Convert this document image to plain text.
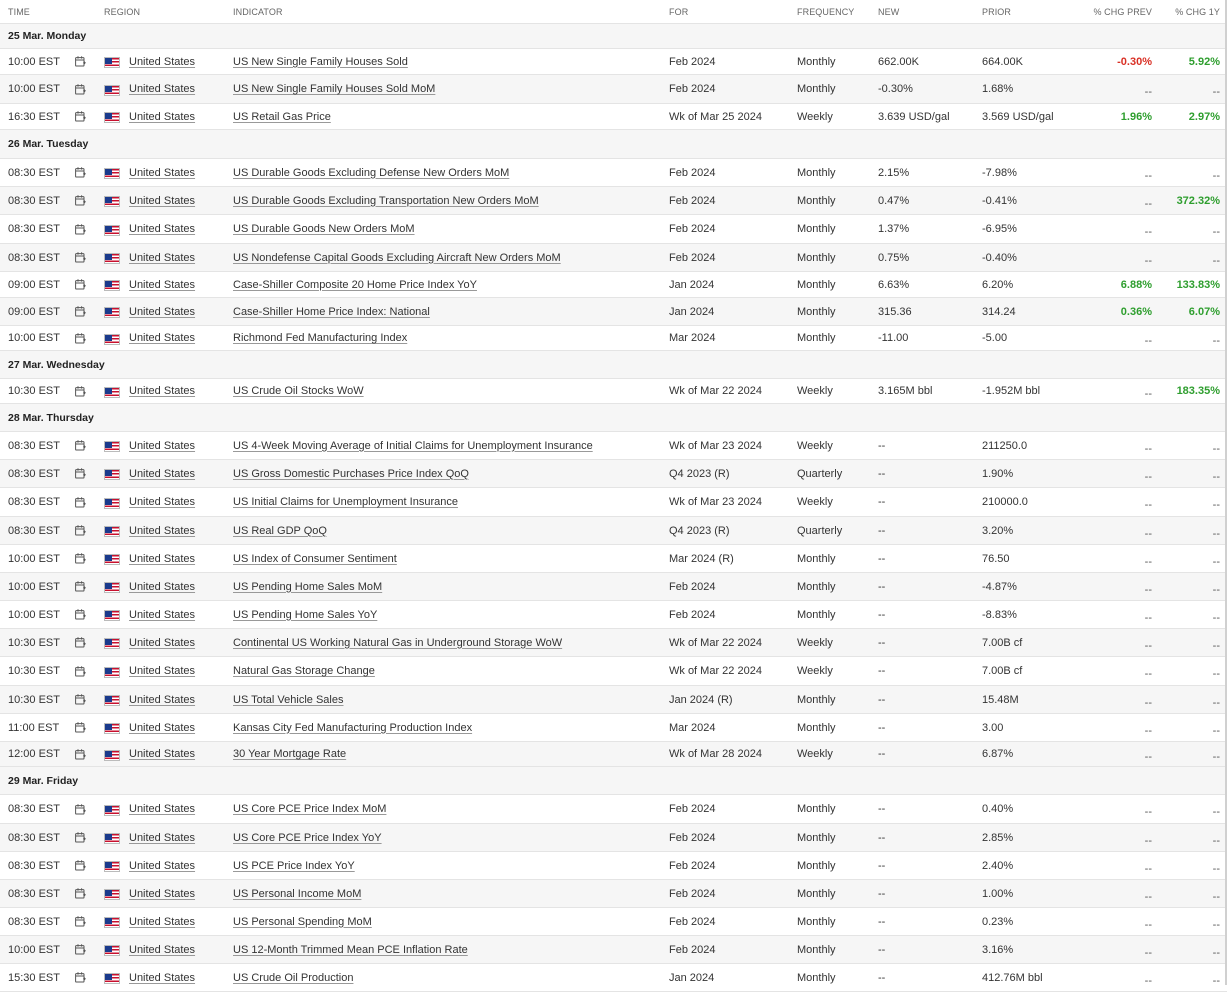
TIME	REGION	INDICATOR	FOR	FREQUENCY	NEW	PRIOR	% CHG PREV	% CHG 1Y
25 Mar. Monday
10:00 EST	United States	US New Single Family Houses Sold	Feb 2024	Monthly	662.00K	664.00K	-0.30%	5.92%
10:00 EST	United States	US New Single Family Houses Sold MoM	Feb 2024	Monthly	-0.30%	1.68%	--	--
16:30 EST	United States	US Retail Gas Price	Wk of Mar 25 2024	Weekly	3.639 USD/gal	3.569 USD/gal	1.96%	2.97%
26 Mar. Tuesday
08:30 EST	United States	US Durable Goods Excluding Defense New Orders MoM	Feb 2024	Monthly	2.15%	-7.98%	--	--
08:30 EST	United States	US Durable Goods Excluding Transportation New Orders MoM	Feb 2024	Monthly	0.47%	-0.41%	-- 372.32%
08:30 EST	United States	US Durable Goods New Orders MoM	Feb 2024	Monthly	1.37%	-6.95%	--	--
08:30 EST	United States	US Nondefense Capital Goods Excluding Aircraft New Orders MoM	Feb 2024	Monthly	0.75%	-0.40%	--	--
09:00 EST	United States	Case-Shiller Composite 20 Home Price Index YoY	Jan 2024	Monthly	6.63%	6.20%	6.88% 133.83%
09:00 EST	United States	Case-Shiller Home Price Index: National	Jan 2024	Monthly	315.36	314.24	0.36%	6.07%
10:00 EST	United States	Richmond Fed Manufacturing Index	Mar 2024	Monthly	-11.00	-5.00	--	--
27 Mar. Wednesday
10:30 EST	United States	US Crude Oil Stocks WoW	Wk of Mar 22 2024	Weekly	3.165M bbl	-1.952M bbl	-- 183.35%
28 Mar. Thursday
08:30 EST	United States	US 4-Week Moving Average of Initial Claims for Unemployment Insurance	Wk of Mar 23 2024	Weekly	--	211250.0	--	--
08:30 EST	United States	US Gross Domestic Purchases Price Index QoQ	Q4 2023 (R)	Quarterly	--	1.90%	--	--
08:30 EST	United States	US Initial Claims for Unemployment Insurance	Wk of Mar 23 2024	Weekly	--	210000.0	--	--
08:30 EST	United States	US Real GDP QoQ	Q4 2023 (R)	Quarterly	--	3.20%	--	--
10:00 EST	United States	US Index of Consumer Sentiment	Mar 2024 (R)	Monthly	--	76.50	--	--
10:00 EST	United States	US Pending Home Sales MoM	Feb 2024	Monthly	--	-4.87%	--	--
10:00 EST	United States	US Pending Home Sales YoY	Feb 2024	Monthly	--	-8.83%	--	--
10:30 EST	United States	Continental US Working Natural Gas in Underground Storage WoW	Wk of Mar 22 2024	Weekly	--	7.00B cf	--	--
10:30 EST	United States	Natural Gas Storage Change	Wk of Mar 22 2024	Weekly	--	7.00B cf	--	--
10:30 EST	United States	US Total Vehicle Sales	Jan 2024 (R)	Monthly	--	15.48M	--	--
11:00 EST	United States	Kansas City Fed Manufacturing Production Index	Mar 2024	Monthly	--	3.00	--	--
12:00 EST	United States	30 Year Mortgage Rate	Wk of Mar 28 2024	Weekly	--	6.87%	--	--
29 Mar. Friday
08:30 EST	United States	US Core PCE Price Index MoM	Feb 2024	Monthly	--	0.40%	--	--
08:30 EST	United States	US Core PCE Price Index YoY	Feb 2024	Monthly	--	2.85%	--	--
08:30 EST	United States	US PCE Price Index YoY	Feb 2024	Monthly	--	2.40%	--	--
08:30 EST	United States	US Personal Income MoM	Feb 2024	Monthly	--	1.00%	--	--
08:30 EST	United States	US Personal Spending MoM	Feb 2024	Monthly	--	0.23%	--	--
10:00 EST	United States	US 12-Month Trimmed Mean PCE Inflation Rate	Feb 2024	Monthly	--	3.16%	--	--
15:30 EST	United States	US Crude Oil Production	Jan 2024	Monthly	--	412.76M bbl	--	--
